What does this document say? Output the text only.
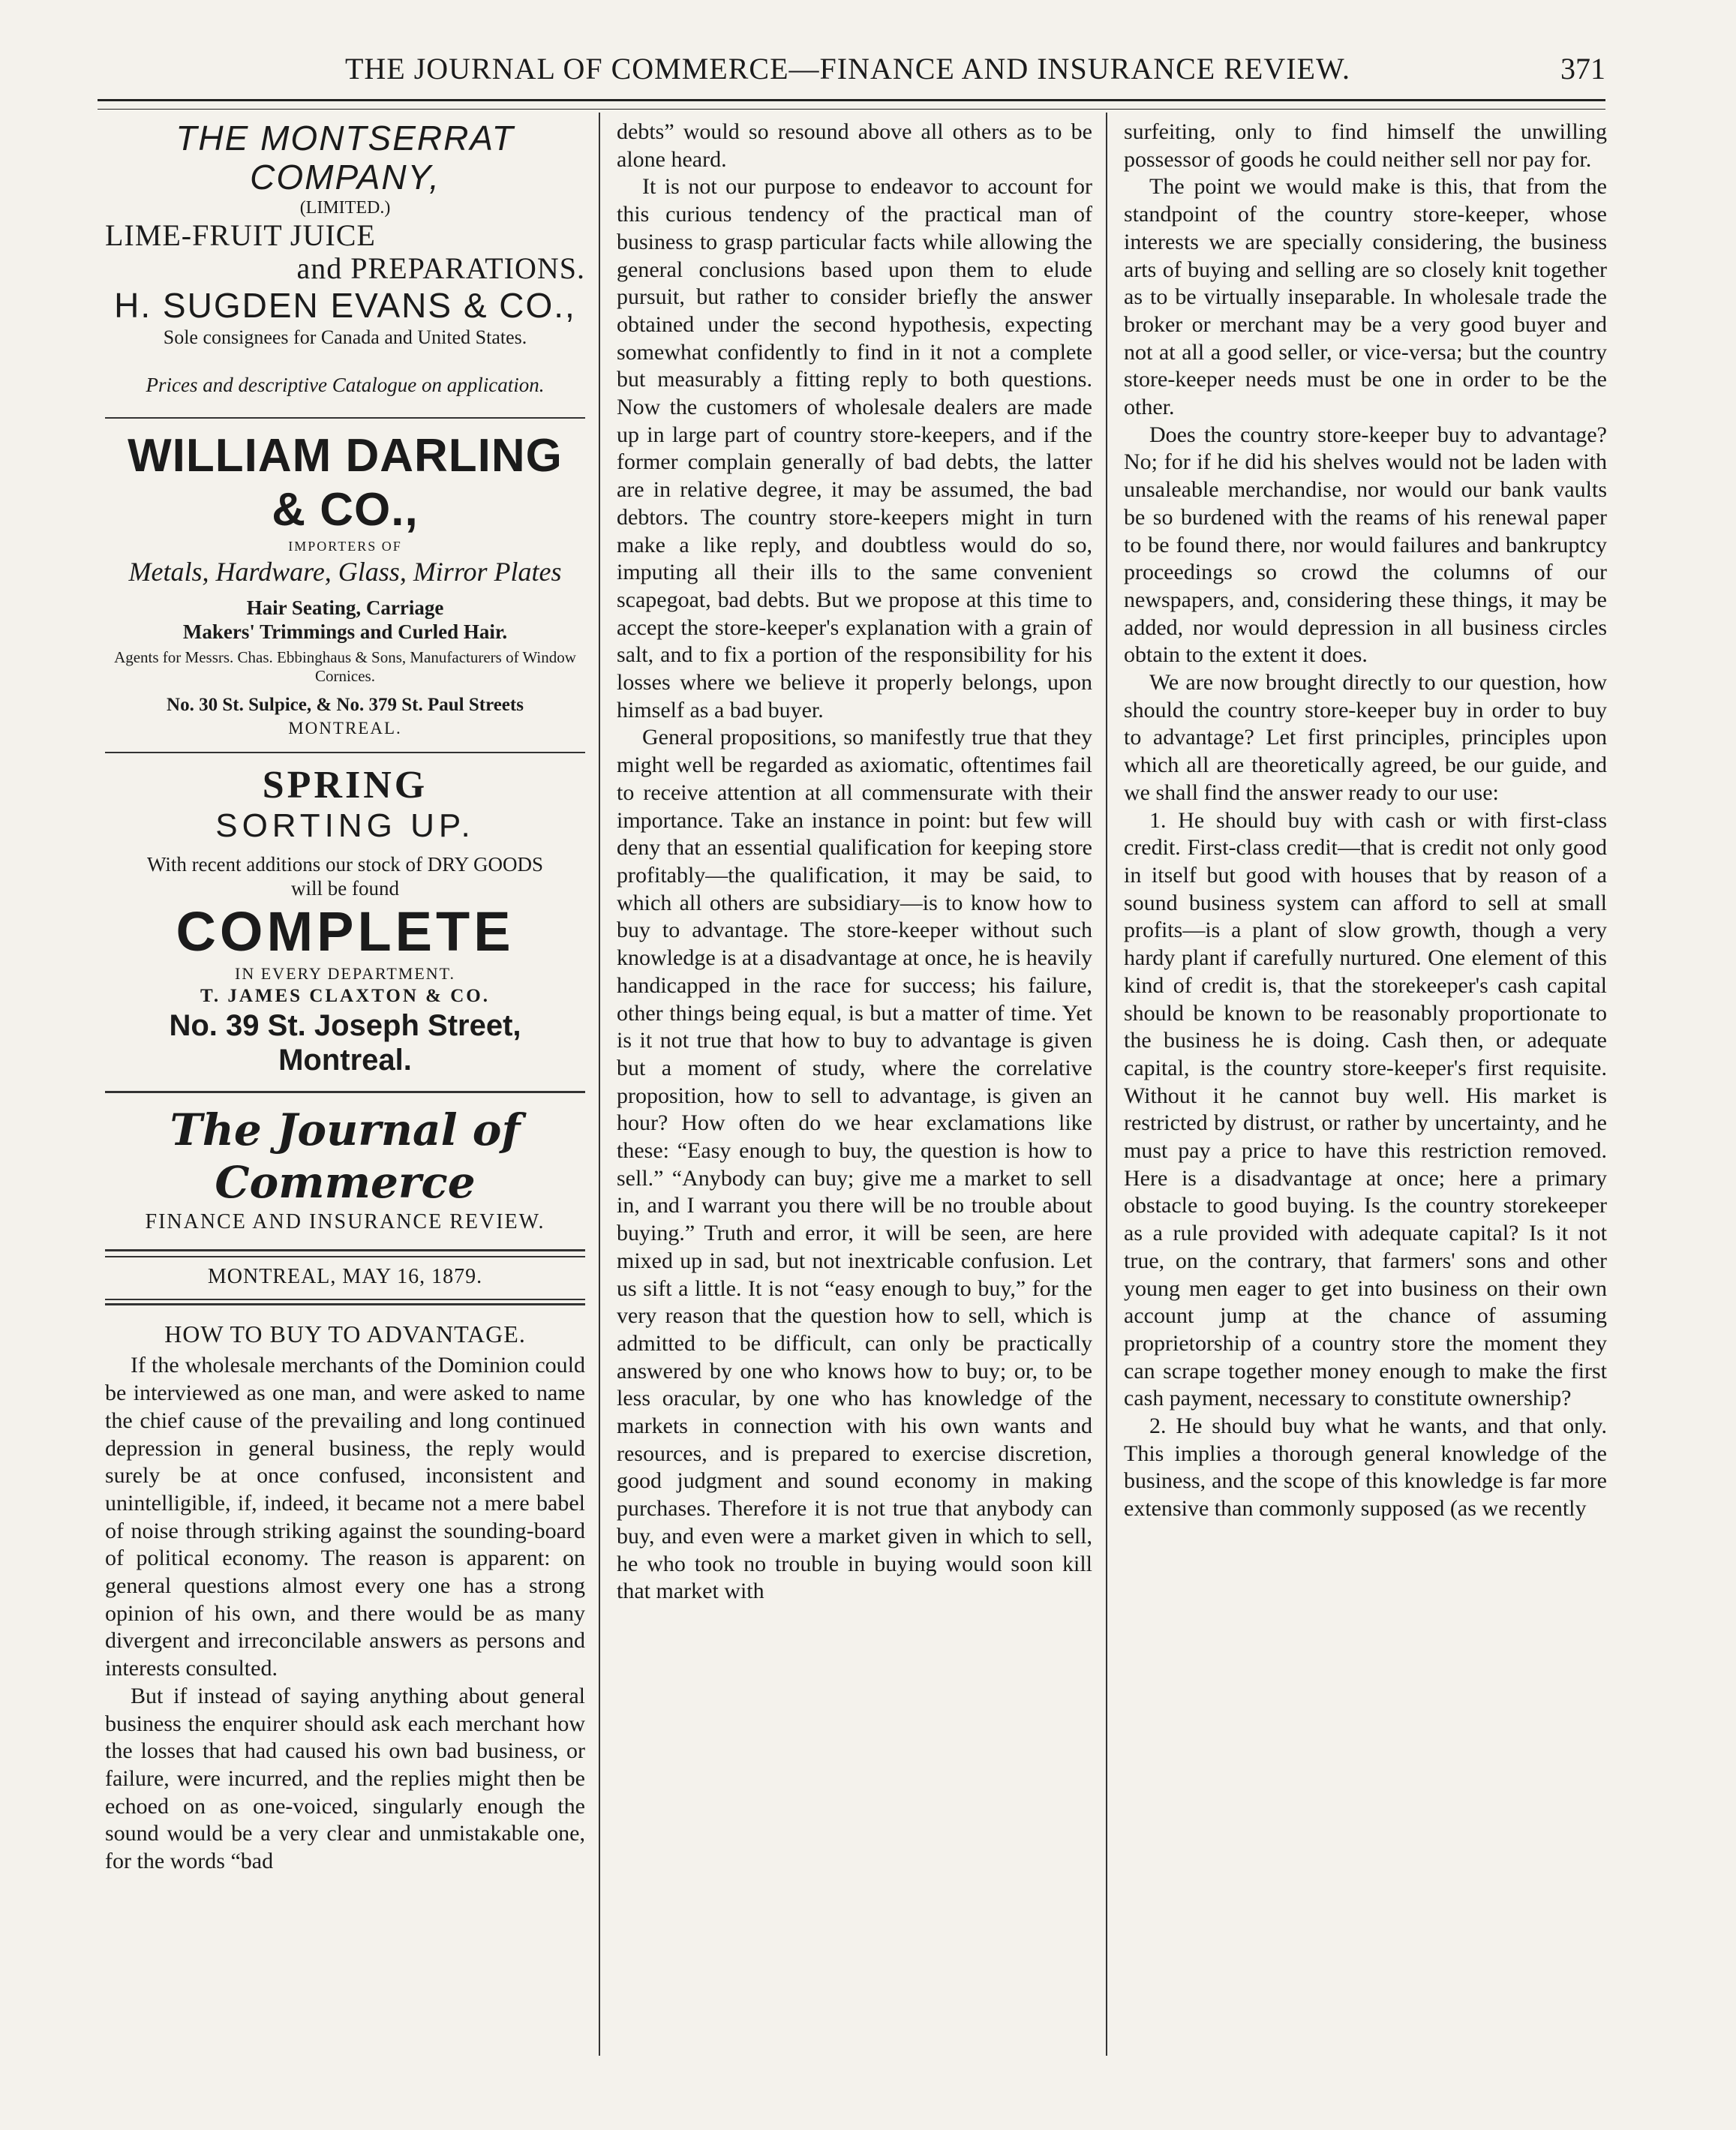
THE JOURNAL OF COMMERCE—FINANCE AND INSURANCE REVIEW.	371
THE MONTSERRAT COMPANY,
(LIMITED.)
LIME-FRUIT JUICE
and PREPARATIONS.
H. SUGDEN EVANS & CO.,
Sole consignees for Canada and United States.
Prices and descriptive Catalogue on application.
WILLIAM DARLING & CO.,
IMPORTERS OF
Metals, Hardware, Glass, Mirror Plates
Hair Seating, Carriage
Makers' Trimmings and Curled Hair.
Agents for Messrs. Chas. Ebbinghaus & Sons, Manufacturers of Window Cornices.
No. 30 St. Sulpice, & No. 379 St. Paul Streets
MONTREAL.
SPRING
SORTING UP.
With recent additions our stock of DRY GOODS
will be found
COMPLETE
IN EVERY DEPARTMENT.
T. JAMES CLAXTON & CO.
No. 39 St. Joseph Street, Montreal.
The Journal of Commerce
FINANCE AND INSURANCE REVIEW.
MONTREAL, MAY 16, 1879.
HOW TO BUY TO ADVANTAGE.

If the wholesale merchants of the Dominion could be interviewed as one man, and were asked to name the chief cause of the prevailing and long continued depression in general business, the reply would surely be at once confused, inconsistent and unintelligible, if, indeed, it became not a mere babel of noise through striking against the sounding-board of political economy. The reason is apparent: on general questions almost every one has a strong opinion of his own, and there would be as many divergent and irreconcilable answers as persons and interests consulted.

But if instead of saying anything about general business the enquirer should ask each merchant how the losses that had caused his own bad business, or failure, were incurred, and the replies might then be echoed on as one-voiced, singularly enough the sound would be a very clear and unmistakable one, for the words “bad

debts” would so resound above all others as to be alone heard.

It is not our purpose to endeavor to account for this curious tendency of the practical man of business to grasp particular facts while allowing the general conclusions based upon them to elude pursuit, but rather to consider briefly the answer obtained under the second hypothesis, expecting somewhat confidently to find in it not a complete but measurably a fitting reply to both questions. Now the customers of wholesale dealers are made up in large part of country store-keepers, and if the former complain generally of bad debts, the latter are in relative degree, it may be assumed, the bad debtors. The country store-keepers might in turn make a like reply, and doubtless would do so, imputing all their ills to the same convenient scapegoat, bad debts. But we propose at this time to accept the store-keeper's explanation with a grain of salt, and to fix a portion of the responsibility for his losses where we believe it properly belongs, upon himself as a bad buyer.

General propositions, so manifestly true that they might well be regarded as axiomatic, oftentimes fail to receive attention at all commensurate with their importance. Take an instance in point: but few will deny that an essential qualification for keeping store profitably—the qualification, it may be said, to which all others are subsidiary—is to know how to buy to advantage. The store-keeper without such knowledge is at a disadvantage at once, he is heavily handicapped in the race for success; his failure, other things being equal, is but a matter of time. Yet is it not true that how to buy to advantage is given but a moment of study, where the correlative proposition, how to sell to advantage, is given an hour? How often do we hear exclamations like these: “Easy enough to buy, the question is how to sell.” “Anybody can buy; give me a market to sell in, and I warrant you there will be no trouble about buying.” Truth and error, it will be seen, are here mixed up in sad, but not inextricable confusion. Let us sift a little. It is not “easy enough to buy,” for the very reason that the question how to sell, which is admitted to be difficult, can only be practically answered by one who knows how to buy; or, to be less oracular, by one who has knowledge of the markets in connection with his own wants and resources, and is prepared to exercise discretion, good judgment and sound economy in making purchases. Therefore it is not true that anybody can buy, and even were a market given in which to sell, he who took no trouble in buying would soon kill that market with

surfeiting, only to find himself the unwilling possessor of goods he could neither sell nor pay for.

The point we would make is this, that from the standpoint of the country store-keeper, whose interests we are specially considering, the business arts of buying and selling are so closely knit together as to be virtually inseparable. In wholesale trade the broker or merchant may be a very good buyer and not at all a good seller, or vice-versa; but the country store-keeper needs must be one in order to be the other.

Does the country store-keeper buy to advantage? No; for if he did his shelves would not be laden with unsaleable merchandise, nor would our bank vaults be so burdened with the reams of his renewal paper to be found there, nor would failures and bankruptcy proceedings so crowd the columns of our newspapers, and, considering these things, it may be added, nor would depression in all business circles obtain to the extent it does.

We are now brought directly to our question, how should the country store-keeper buy in order to buy to advantage? Let first principles, principles upon which all are theoretically agreed, be our guide, and we shall find the answer ready to our use:

1. He should buy with cash or with first-class credit. First-class credit—that is credit not only good in itself but good with houses that by reason of a sound business system can afford to sell at small profits—is a plant of slow growth, though a very hardy plant if carefully nurtured. One element of this kind of credit is, that the storekeeper's cash capital should be known to be reasonably proportionate to the business he is doing. Cash then, or adequate capital, is the country store-keeper's first requisite. Without it he cannot buy well. His market is restricted by distrust, or rather by uncertainty, and he must pay a price to have this restriction removed. Here is a disadvantage at once; here a primary obstacle to good buying. Is the country storekeeper as a rule provided with adequate capital? Is it not true, on the contrary, that farmers' sons and other young men eager to get into business on their own account jump at the chance of assuming proprietorship of a country store the moment they can scrape together money enough to make the first cash payment, necessary to constitute ownership?

2. He should buy what he wants, and that only. This implies a thorough general knowledge of the business, and the scope of this knowledge is far more extensive than commonly supposed (as we recently
